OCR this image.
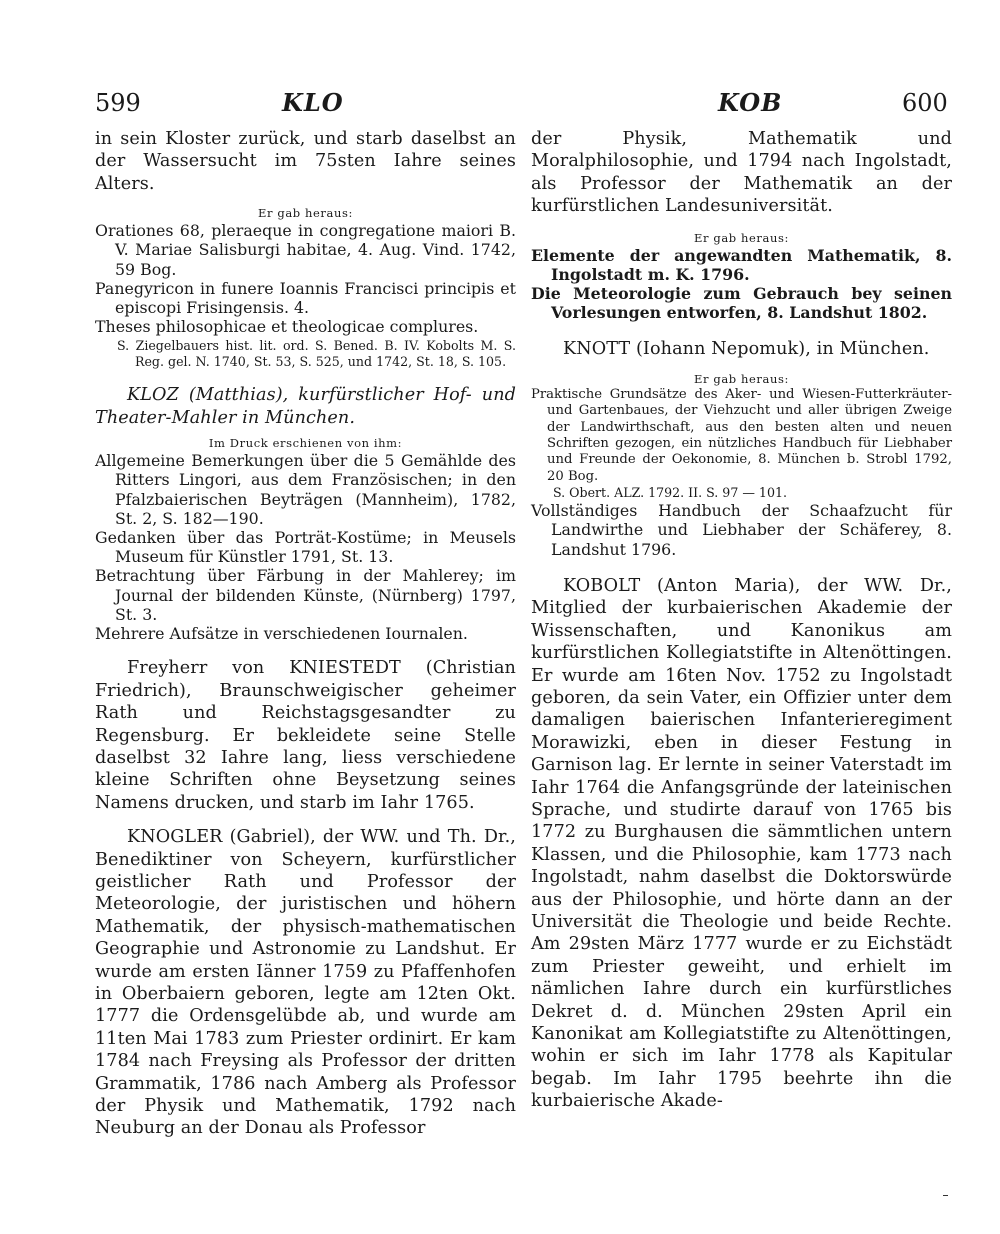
599	KLO	KOB	600

in sein Kloster zurück, und starb daselbst an der Wassersucht im 75sten Iahre seines Alters.

Er gab heraus:

Orationes 68, pleraeque in congregatione maiori B. V. Mariae Salisburgi habitae, 4. Aug. Vind. 1742, 59 Bog.

Panegyricon in funere Ioannis Francisci principis et episcopi Frisingensis. 4.

Theses philosophicae et theologicae complures.

S. Ziegelbauers hist. lit. ord. S. Bened. B. IV. Kobolts M. S. Reg. gel. N. 1740, St. 53, S. 525, und 1742, St. 18, S. 105.

KLOZ (Matthias), kurfürstlicher Hof- und Theater-Mahler in München.

Im Druck erschienen von ihm:

Allgemeine Bemerkungen über die 5 Gemählde des Ritters Lingori, aus dem Französischen; in den Pfalzbaierischen Beyträgen (Mannheim), 1782, St. 2, S. 182—190.

Gedanken über das Porträt-Kostüme; in Meusels Museum für Künstler 1791, St. 13.

Betrachtung über Färbung in der Mahlerey; im Journal der bildenden Künste, (Nürnberg) 1797, St. 3.

Mehrere Aufsätze in verschiedenen Iournalen.

Freyherr von KNIESTEDT (Christian Friedrich), Braunschweigischer geheimer Rath und Reichstagsgesandter zu Regensburg. Er bekleidete seine Stelle daselbst 32 Iahre lang, liess verschiedene kleine Schriften ohne Beysetzung seines Namens drucken, und starb im Iahr 1765.

KNOGLER (Gabriel), der WW. und Th. Dr., Benediktiner von Scheyern, kurfürstlicher geistlicher Rath und Professor der Meteorologie, der juristischen und höhern Mathematik, der physisch-mathematischen Geographie und Astronomie zu Landshut. Er wurde am ersten Iänner 1759 zu Pfaffenhofen in Oberbaiern geboren, legte am 12ten Okt. 1777 die Ordensgelübde ab, und wurde am 11ten Mai 1783 zum Priester ordinirt. Er kam 1784 nach Freysing als Professor der dritten Grammatik, 1786 nach Amberg als Professor der Physik und Mathematik, 1792 nach Neuburg an der Donau als Professor

der Physik, Mathematik und Moralphilosophie, und 1794 nach Ingolstadt, als Professor der Mathematik an der kurfürstlichen Landesuniversität.

Er gab heraus:

Elemente der angewandten Mathematik, 8. Ingolstadt m. K. 1796.

Die Meteorologie zum Gebrauch bey seinen Vorlesungen entworfen, 8. Landshut 1802.

KNOTT (Iohann Nepomuk), in München.

Er gab heraus:

Praktische Grundsätze des Aker- und Wiesen-Futterkräuter- und Gartenbaues, der Viehzucht und aller übrigen Zweige der Landwirthschaft, aus den besten alten und neuen Schriften gezogen, ein nützliches Handbuch für Liebhaber und Freunde der Oekonomie, 8. München b. Strobl 1792, 20 Bog.

S. Obert. ALZ. 1792. II. S. 97 — 101.

Vollständiges Handbuch der Schaafzucht für Landwirthe und Liebhaber der Schäferey, 8. Landshut 1796.

KOBOLT (Anton Maria), der WW. Dr., Mitglied der kurbaierischen Akademie der Wissenschaften, und Kanonikus am kurfürstlichen Kollegiatstifte in Altenöttingen. Er wurde am 16ten Nov. 1752 zu Ingolstadt geboren, da sein Vater, ein Offizier unter dem damaligen baierischen Infanterieregiment Morawizki, eben in dieser Festung in Garnison lag. Er lernte in seiner Vaterstadt im Iahr 1764 die Anfangsgründe der lateinischen Sprache, und studirte darauf von 1765 bis 1772 zu Burghausen die sämmtlichen untern Klassen, und die Philosophie, kam 1773 nach Ingolstadt, nahm daselbst die Doktorswürde aus der Philosophie, und hörte dann an der Universität die Theologie und beide Rechte. Am 29sten März 1777 wurde er zu Eichstädt zum Priester geweiht, und erhielt im nämlichen Iahre durch ein kurfürstliches Dekret d. d. München 29sten April ein Kanonikat am Kollegiatstifte zu Altenöttingen, wohin er sich im Iahr 1778 als Kapitular begab. Im Iahr 1795 beehrte ihn die kurbaierische Akade-
